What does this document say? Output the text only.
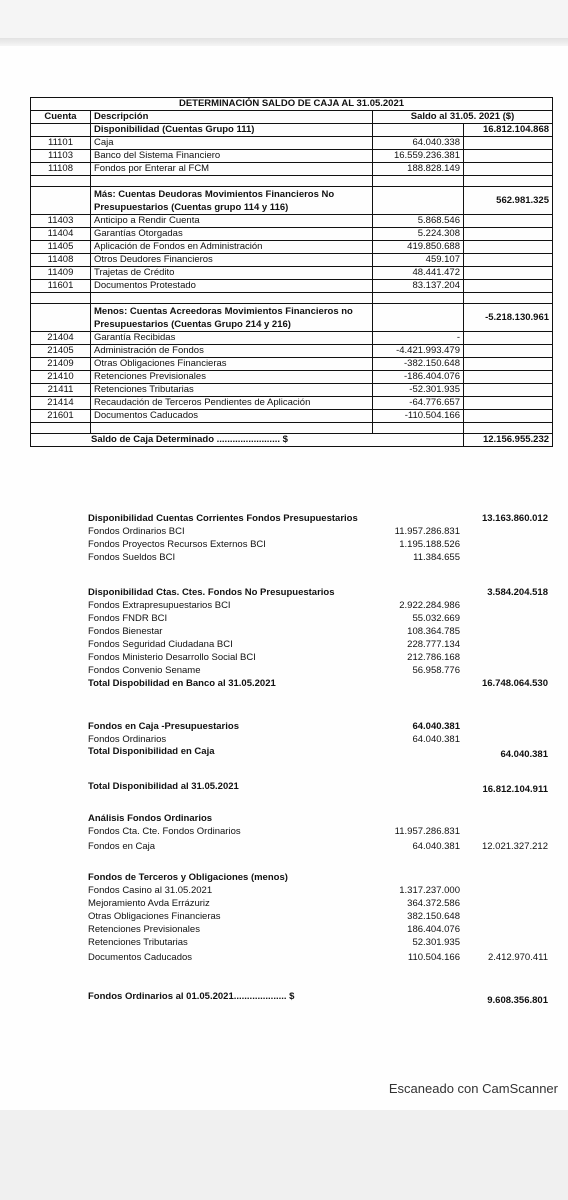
DETERMINACIÓN SALDO DE CAJA AL 31.05.2021			
Cuenta	Descripción	Saldo al 31.05. 2021 ($)	
	Disponibilidad (Cuentas Grupo 111)		16.812.104.868
11101	Caja	64.040.338	
11103	Banco del Sistema Financiero	16.559.236.381	
11108	Fondos por Enterar al FCM	188.828.149	

	Más: Cuentas Deudoras Movimientos Financieros No Presupuestarios (Cuentas grupo 114 y 116)		562.981.325
11403	Anticipo a Rendir Cuenta	5.868.546	
11404	Garantías Otorgadas	5.224.308	
11405	Aplicación de Fondos en Administración	419.850.688	
11408	Otros Deudores Financieros	459.107	
11409	Trajetas de Crédito	48.441.472	
11601	Documentos Protestado	83.137.204	

	Menos: Cuentas Acreedoras Movimientos Financieros no Presupuestarios (Cuentas Grupo 214 y 216)		-5.218.130.961
21404	Garantía Recibidas	-	
21405	Administración de Fondos	-4.421.993.479	
21409	Otras Obligaciones Financieras	-382.150.648	
21410	Retenciones Previsionales	-186.404.076	
21411	Retenciones Tributarias	-52.301.935	
21414	Recaudación de Terceros Pendientes de Aplicación	-64.776.657	
21601	Documentos Caducados	-110.504.166	

Saldo de Caja Determinado ........................ $			12.156.955.232
Disponibilidad Cuentas Corrientes Fondos Presupuestarios	13.163.860.012
Fondos Ordinarios BCI	11.957.286.831
Fondos Proyectos Recursos Externos BCI	1.195.188.526
Fondos Sueldos BCI	11.384.655
Disponibilidad Ctas. Ctes. Fondos No Presupuestarios	3.584.204.518
Fondos Extrapresupuestarios BCI	2.922.284.986
Fondos FNDR BCI	55.032.669
Fondos Bienestar	108.364.785
Fondos Seguridad Ciudadana BCI	228.777.134
Fondos Ministerio Desarrollo Social BCI	212.786.168
Fondos Convenio Sename	56.958.776
Total Dispobilidad en Banco al 31.05.2021	16.748.064.530
Fondos en Caja -Presupuestarios	64.040.381
Fondos Ordinarios	64.040.381
Total Disponibilidad en Caja	64.040.381
Total Disponibilidad al 31.05.2021	16.812.104.911
Análisis Fondos Ordinarios
Fondos Cta. Cte. Fondos Ordinarios	11.957.286.831
Fondos en Caja	64.040.381 12.021.327.212
Fondos de Terceros y Obligaciones (menos)
Fondos Casino al 31.05.2021	1.317.237.000
Mejoramiento Avda Errázuriz	364.372.586
Otras Obligaciones Financieras	382.150.648
Retenciones Previsionales	186.404.076
Retenciones Tributarias	52.301.935
Documentos Caducados	110.504.166	2.412.970.411
Fondos Ordinarios al 01.05.2021.................... $	9.608.356.801
Escaneado con CamScanner
